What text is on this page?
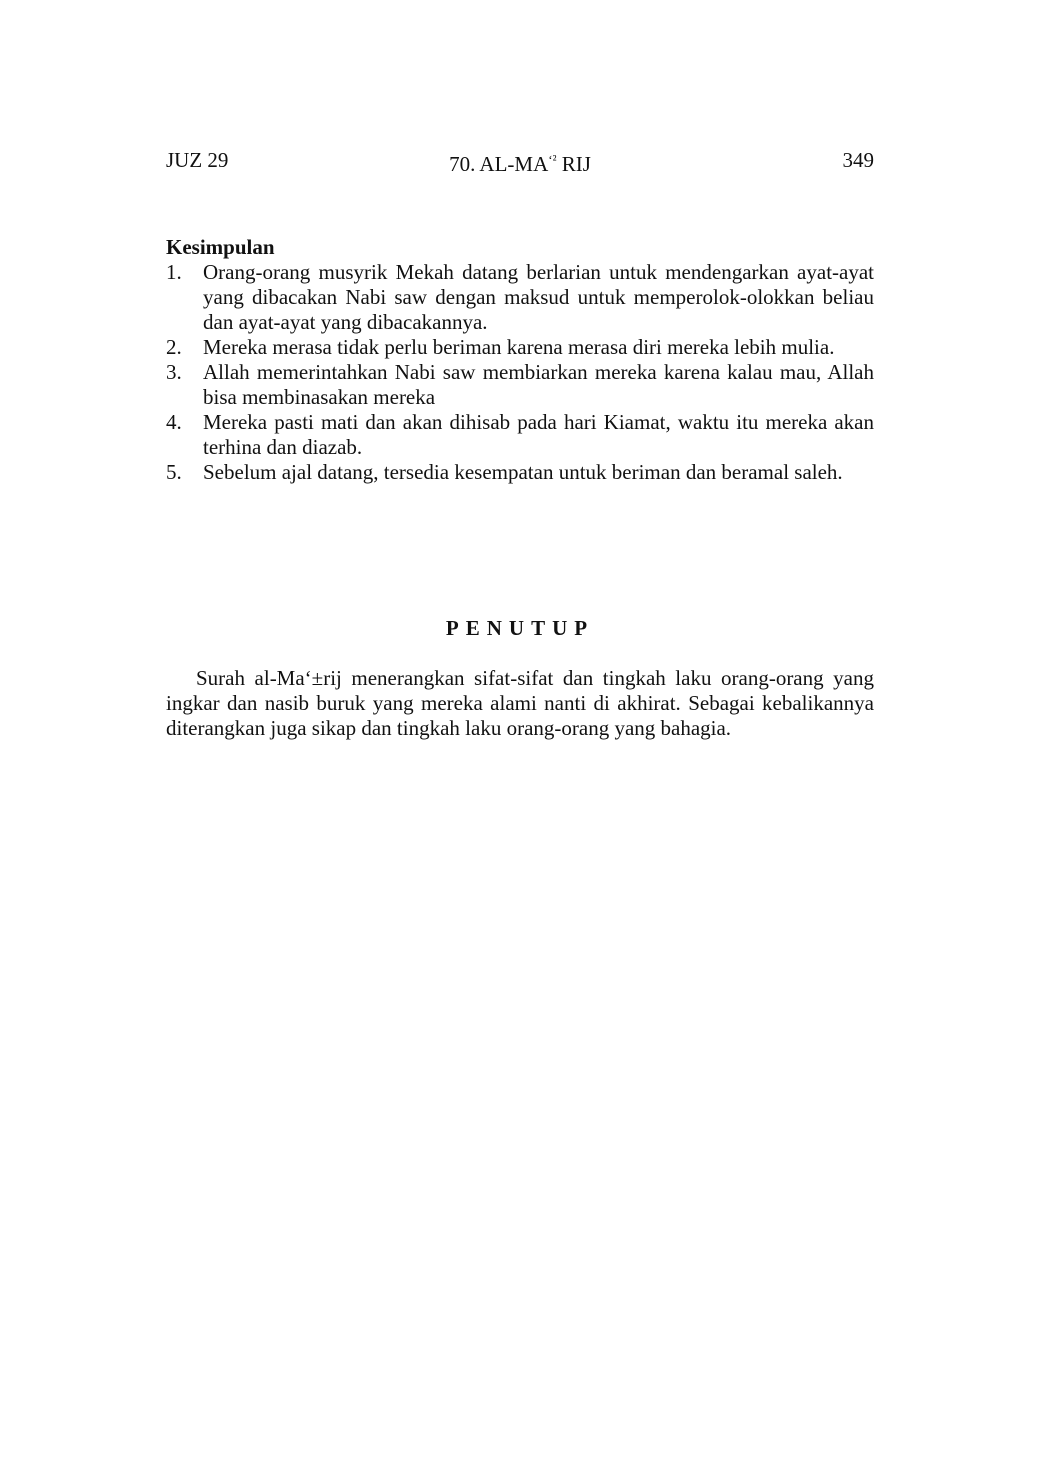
JUZ 29	70. $AL-MA^{‘^2}$ RIJ	349
Kesimpulan
1. Orang-orang musyrik Mekah datang berlarian untuk mendengarkan ayat-ayat yang dibacakan Nabi saw dengan maksud untuk memperolok-olokkan beliau dan ayat-ayat yang dibacakannya.
2. Mereka merasa tidak perlu beriman karena merasa diri mereka lebih mulia.
3. Allah memerintahkan Nabi saw membiarkan mereka karena kalau mau, Allah bisa membinasakan mereka
4. Mereka pasti mati dan akan dihisab pada hari Kiamat, waktu itu mereka akan terhina dan diazab.
5. Sebelum ajal datang, tersedia kesempatan untuk beriman dan beramal saleh.
PENUTUP

Surah al-Ma‘±rij menerangkan sifat-sifat dan tingkah laku orang-orang yang ingkar dan nasib buruk yang mereka alami nanti di akhirat. Sebagai kebalikannya diterangkan juga sikap dan tingkah laku orang-orang yang bahagia.
